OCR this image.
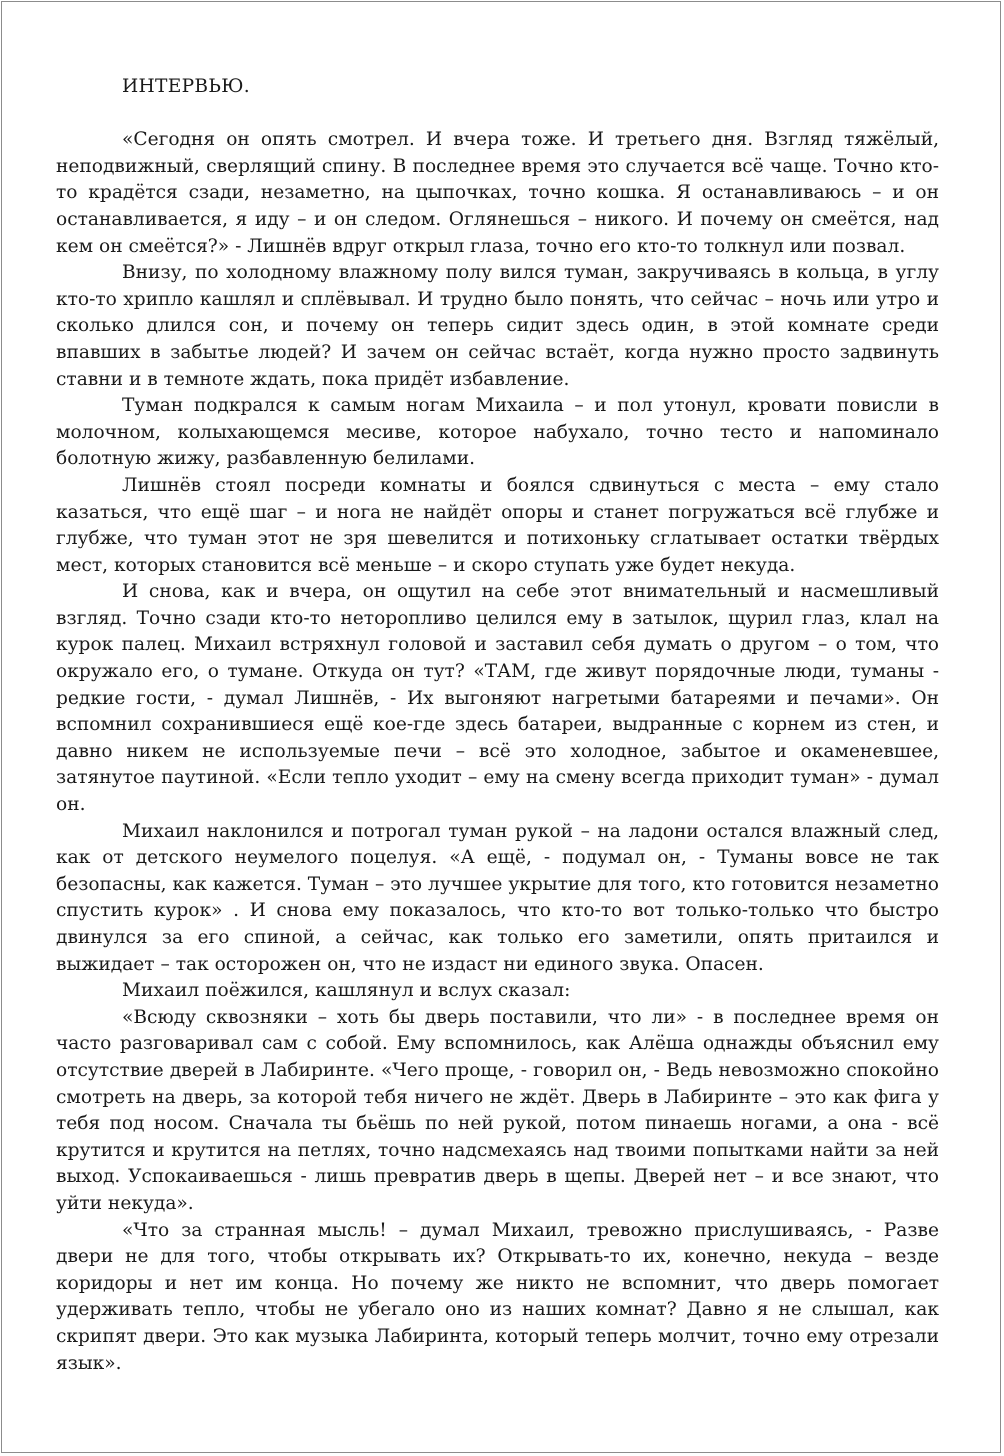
ИНТЕРВЬЮ.

«Сегодня он опять смотрел. И вчера тоже. И третьего дня. Взгляд тяжёлый, неподвижный, сверлящий спину. В последнее время это случается всё чаще. Точно кто-то крадётся сзади, незаметно, на цыпочках, точно кошка. Я останавливаюсь – и он останавливается, я иду – и он следом. Оглянешься – никого. И почему он смеётся, над кем он смеётся?» - Лишнёв вдруг открыл глаза, точно его кто-то толкнул или позвал.

Внизу, по холодному влажному полу вился туман, закручиваясь в кольца, в углу кто-то хрипло кашлял и сплёвывал. И трудно было понять, что сейчас – ночь или утро и сколько длился сон, и почему он теперь сидит здесь один, в этой комнате среди впавших в забытье людей? И зачем он сейчас встаёт, когда нужно просто задвинуть ставни и в темноте ждать, пока придёт избавление.

Туман подкрался к самым ногам Михаила – и пол утонул, кровати повисли в молочном, колыхающемся месиве, которое набухало, точно тесто и напоминало болотную жижу, разбавленную белилами.

Лишнёв стоял посреди комнаты и боялся сдвинуться с места – ему стало казаться, что ещё шаг – и нога не найдёт опоры и станет погружаться всё глубже и глубже, что туман этот не зря шевелится и потихоньку сглатывает остатки твёрдых мест, которых становится всё меньше – и скоро ступать уже будет некуда.

И снова, как и вчера, он ощутил на себе этот внимательный и насмешливый взгляд. Точно сзади кто-то неторопливо целился ему в затылок, щурил глаз, клал на курок палец. Михаил встряхнул головой и заставил себя думать о другом – о том, что окружало его, о тумане. Откуда он тут? «ТАМ, где живут порядочные люди, туманы - редкие гости, - думал Лишнёв, - Их выгоняют нагретыми батареями и печами». Он вспомнил сохранившиеся ещё кое-где здесь батареи, выдранные с корнем из стен, и давно никем не используемые печи – всё это холодное, забытое и окаменевшее, затянутое паутиной. «Если тепло уходит – ему на смену всегда приходит туман» - думал он.

Михаил наклонился и потрогал туман рукой – на ладони остался влажный след, как от детского неумелого поцелуя. «А ещё, - подумал он, - Туманы вовсе не так безопасны, как кажется. Туман – это лучшее укрытие для того, кто готовится незаметно спустить курок» . И снова ему показалось, что кто-то вот только-только что быстро двинулся за его спиной, а сейчас, как только его заметили, опять притаился и выжидает – так осторожен он, что не издаст ни единого звука. Опасен.

Михаил поёжился, кашлянул и вслух сказал:

«Всюду сквозняки – хоть бы дверь поставили, что ли» - в последнее время он часто разговаривал сам с собой. Ему вспомнилось, как Алёша однажды объяснил ему отсутствие дверей в Лабиринте. «Чего проще, - говорил он, - Ведь невозможно спокойно смотреть на дверь, за которой тебя ничего не ждёт. Дверь в Лабиринте – это как фига у тебя под носом. Сначала ты бьёшь по ней рукой, потом пинаешь ногами, а она - всё крутится и крутится на петлях, точно надсмехаясь над твоими попытками найти за ней выход. Успокаиваешься - лишь превратив дверь в щепы. Дверей нет – и все знают, что уйти некуда».

«Что за странная мысль! – думал Михаил, тревожно прислушиваясь, - Разве двери не для того, чтобы открывать их? Открывать-то их, конечно, некуда – везде коридоры и нет им конца. Но почему же никто не вспомнит, что дверь помогает удерживать тепло, чтобы не убегало оно из наших комнат? Давно я не слышал, как скрипят двери. Это как музыка Лабиринта, который теперь молчит, точно ему отрезали язык».
